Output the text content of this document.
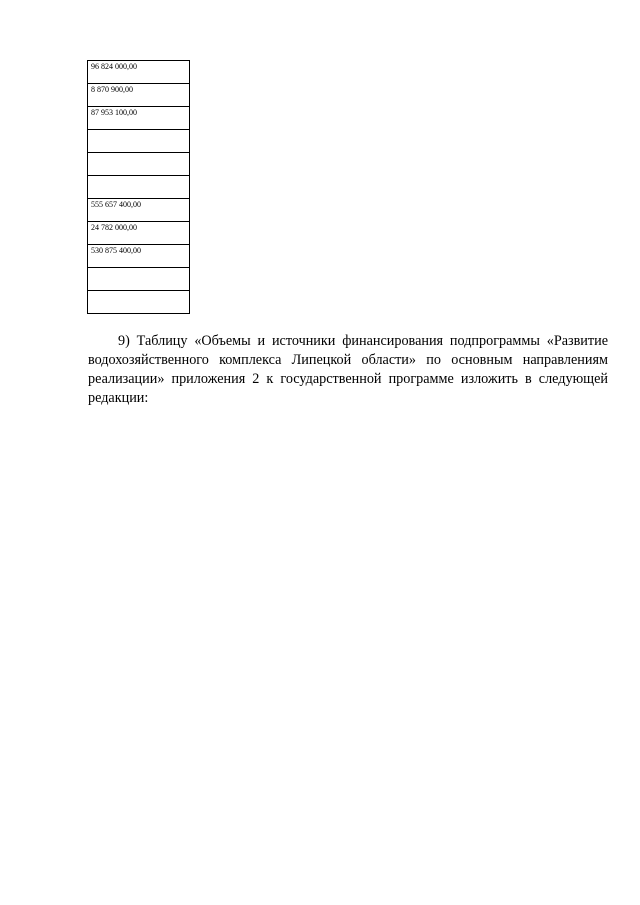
96 824 000,00

8 870 900,00

87 953 100,00

555 657 400,00

24 782 000,00

530 875 400,00

9) Таблицу «Объемы и источники финансирования подпрограммы «Развитие водохозяйственного комплекса Липецкой области» по основным направлениям реализации» приложения 2 к государственной программе изложить в следующей редакции:
